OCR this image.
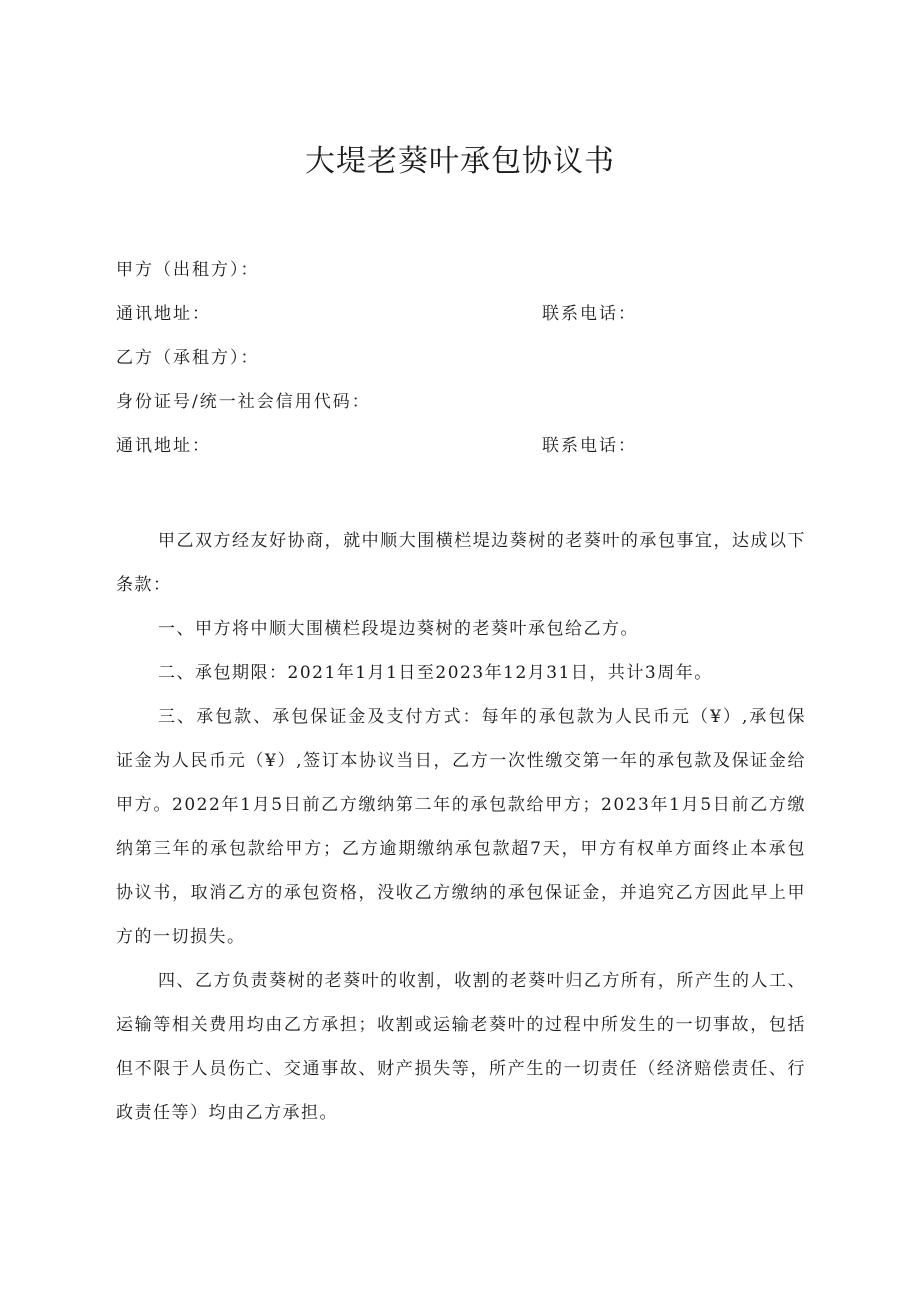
大堤老葵叶承包协议书
甲方（出租方）：
通讯地址：	联系电话：
乙方（承租方）：
身份证号/统一社会信用代码：
通讯地址：	联系电话：

甲乙双方经友好协商，就中顺大围横栏堤边葵树的老葵叶的承包事宜，达成以下条款：

一、甲方将中顺大围横栏段堤边葵树的老葵叶承包给乙方。

二、承包期限：2021年1月1日至2023年12月31日，共计3周年。

三、承包款、承包保证金及支付方式：每年的承包款为人民币元（¥）,承包保证金为人民币元（¥）,签订本协议当日，乙方一次性缴交第一年的承包款及保证金给甲方。2022年1月5日前乙方缴纳第二年的承包款给甲方；2023年1月5日前乙方缴纳第三年的承包款给甲方；乙方逾期缴纳承包款超7天，甲方有权单方面终止本承包协议书，取消乙方的承包资格，没收乙方缴纳的承包保证金，并追究乙方因此早上甲方的一切损失。

四、乙方负责葵树的老葵叶的收割，收割的老葵叶归乙方所有，所产生的人工、运输等相关费用均由乙方承担；收割或运输老葵叶的过程中所发生的一切事故，包括但不限于人员伤亡、交通事故、财产损失等，所产生的一切责任（经济赔偿责任、行政责任等）均由乙方承担。
